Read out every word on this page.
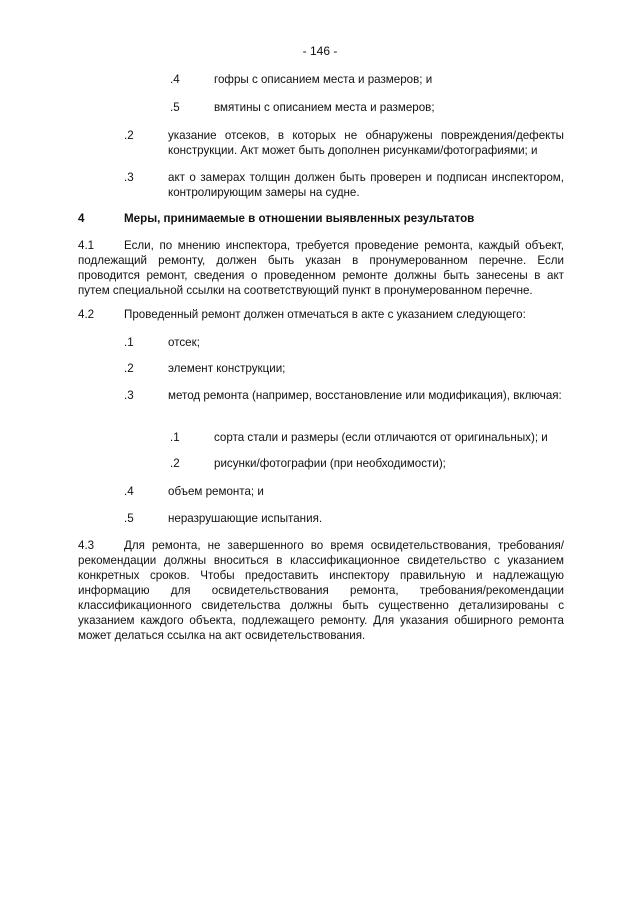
- 146 -
.4	гофры с описанием места и размеров; и
.5	вмятины с описанием места и размеров;
.2	указание отсеков, в которых не обнаружены повреждения/дефекты конструкции. Акт может быть дополнен рисунками/фотографиями; и
.3	акт о замерах толщин должен быть проверен и подписан инспектором, контролирующим замеры на судне.
4	Меры, принимаемые в отношении выявленных результатов
4.1	Если, по мнению инспектора, требуется проведение ремонта, каждый объект, подлежащий ремонту, должен быть указан в пронумерованном перечне. Если проводится ремонт, сведения о проведенном ремонте должны быть занесены в акт путем специальной ссылки на соответствующий пункт в пронумерованном перечне.
4.2	Проведенный ремонт должен отмечаться в акте с указанием следующего:
.1	отсек;
.2	элемент конструкции;
.3	метод ремонта (например, восстановление или модификация), включая:
.1	сорта стали и размеры (если отличаются от оригинальных); и
.2	рисунки/фотографии (при необходимости);
.4	объем ремонта; и
.5	неразрушающие испытания.
4.3	Для ремонта, не завершенного во время освидетельствования, требования/рекомендации должны вноситься в классификационное свидетельство с указанием конкретных сроков. Чтобы предоставить инспектору правильную и надлежащую информацию для освидетельствования ремонта, требования/рекомендации классификационного свидетельства должны быть существенно детализированы с указанием каждого объекта, подлежащего ремонту. Для указания обширного ремонта может делаться ссылка на акт освидетельствования.
